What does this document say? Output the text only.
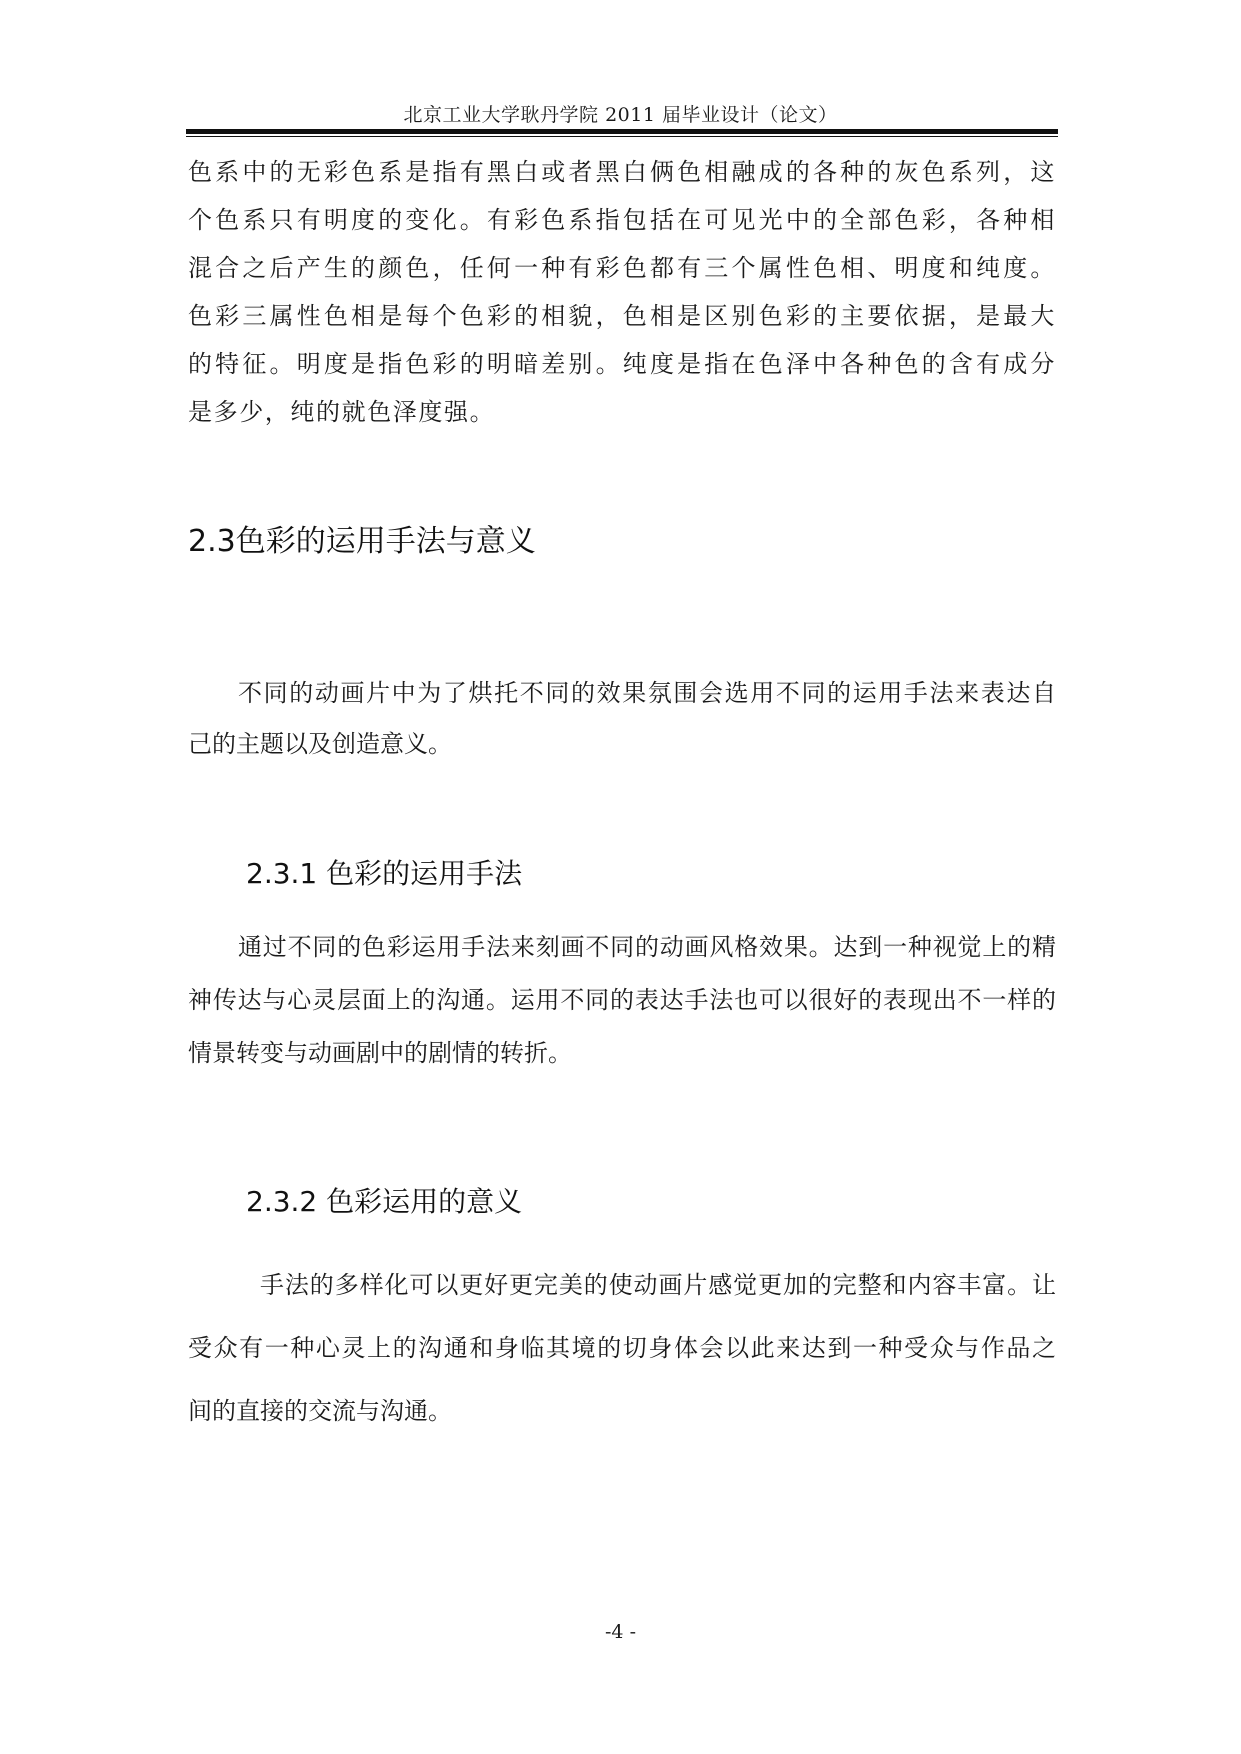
北京工业大学耿丹学院 2011 届毕业设计（论文）

色系中的无彩色系是指有黑白或者黑白俩色相融成的各种的灰色系列，这
个色系只有明度的变化。有彩色系指包括在可见光中的全部色彩，各种相
混合之后产生的颜色，任何一种有彩色都有三个属性色相、明度和纯度。
色彩三属性色相是每个色彩的相貌，色相是区别色彩的主要依据，是最大
的特征。明度是指色彩的明暗差别。纯度是指在色泽中各种色的含有成分
是多少，纯的就色泽度强。

2.3色彩的运用手法与意义

不同的动画片中为了烘托不同的效果氛围会选用不同的运用手法来表达自
己的主题以及创造意义。

2.3.1 色彩的运用手法

通过不同的色彩运用手法来刻画不同的动画风格效果。达到一种视觉上的精
神传达与心灵层面上的沟通。运用不同的表达手法也可以很好的表现出不一样的
情景转变与动画剧中的剧情的转折。

2.3.2 色彩运用的意义

手法的多样化可以更好更完美的使动画片感觉更加的完整和内容丰富。让
受众有一种心灵上的沟通和身临其境的切身体会以此来达到一种受众与作品之
间的直接的交流与沟通。

-4 -
